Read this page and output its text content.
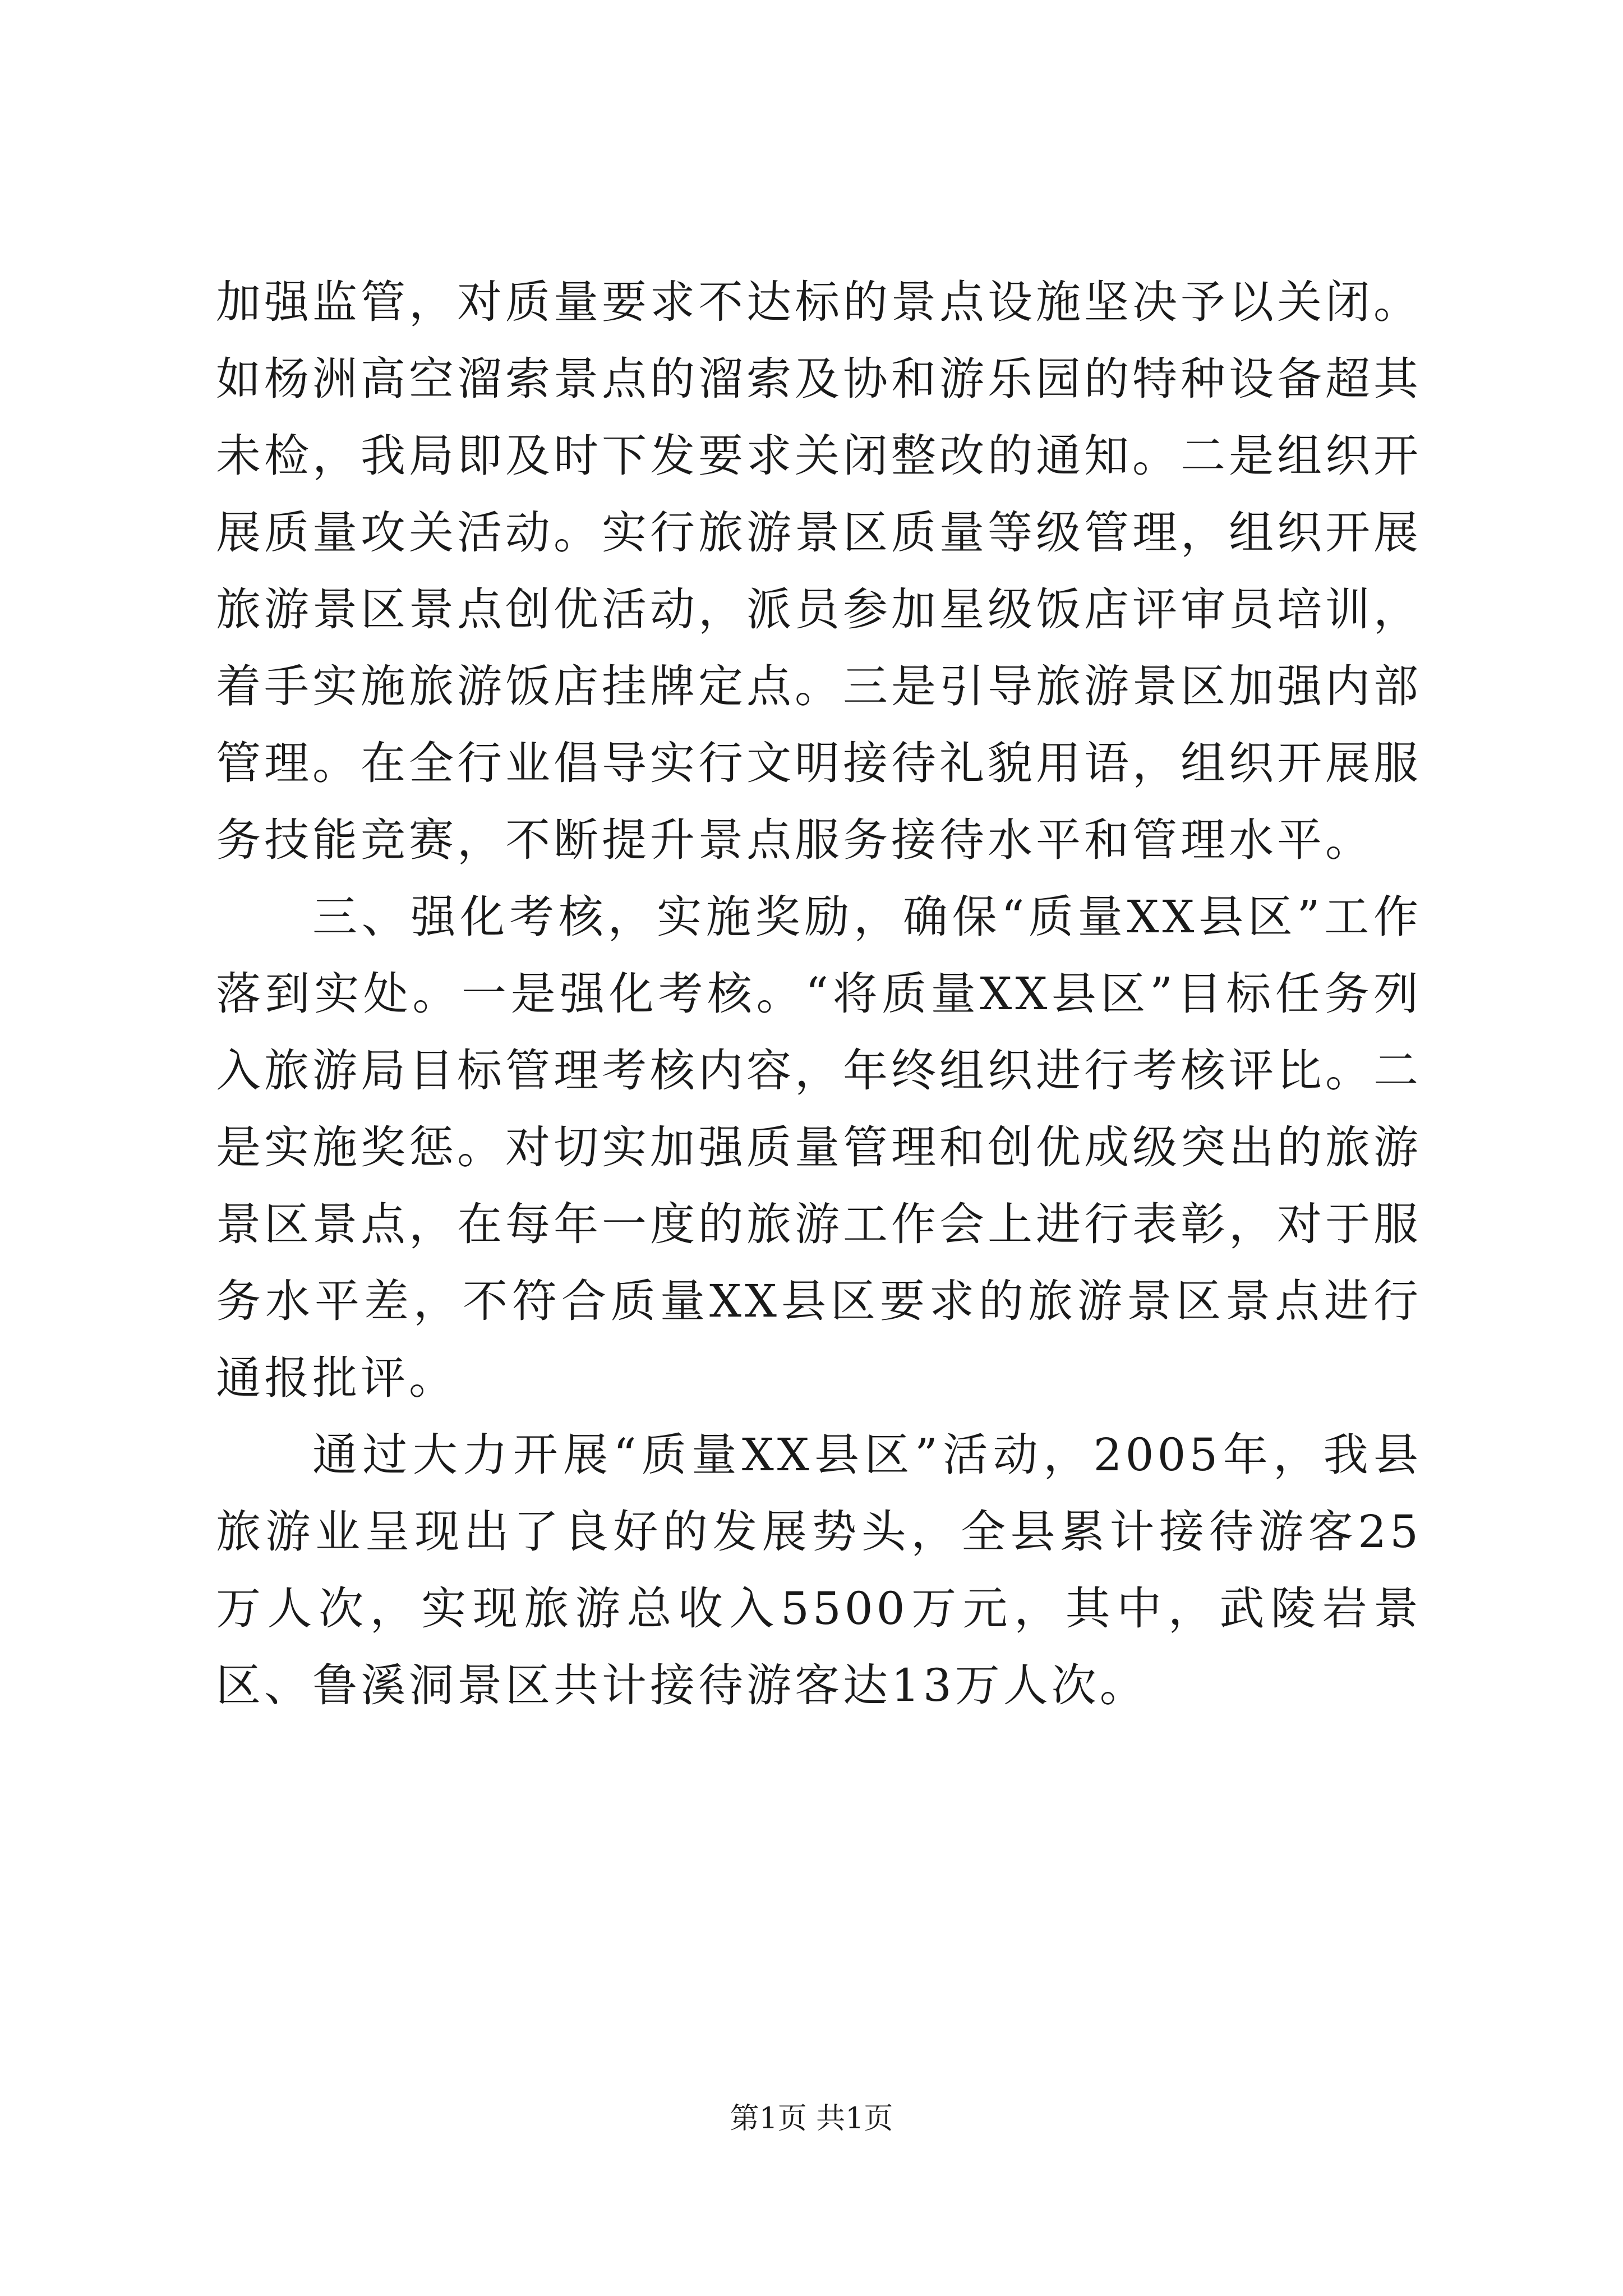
加强监管，对质量要求不达标的景点设施坚决予以关闭。如杨洲高空溜索景点的溜索及协和游乐园的特种设备超其未检，我局即及时下发要求关闭整改的通知。二是组织开展质量攻关活动。实行旅游景区质量等级管理，组织开展旅游景区景点创优活动，派员参加星级饭店评审员培训，着手实施旅游饭店挂牌定点。三是引导旅游景区加强内部管理。在全行业倡导实行文明接待礼貌用语，组织开展服务技能竞赛，不断提升景点服务接待水平和管理水平。

三、强化考核，实施奖励，确保“质量XX县区”工作落到实处。一是强化考核。“将质量XX县区”目标任务列入旅游局目标管理考核内容，年终组织进行考核评比。二是实施奖惩。对切实加强质量管理和创优成级突出的旅游景区景点，在每年一度的旅游工作会上进行表彰，对于服务水平差，不符合质量XX县区要求的旅游景区景点进行通报批评。

通过大力开展“质量XX县区”活动，2005年，我县旅游业呈现出了良好的发展势头，全县累计接待游客25万人次，实现旅游总收入5500万元，其中，武陵岩景区、鲁溪洞景区共计接待游客达13万人次。

第1页 共1页
